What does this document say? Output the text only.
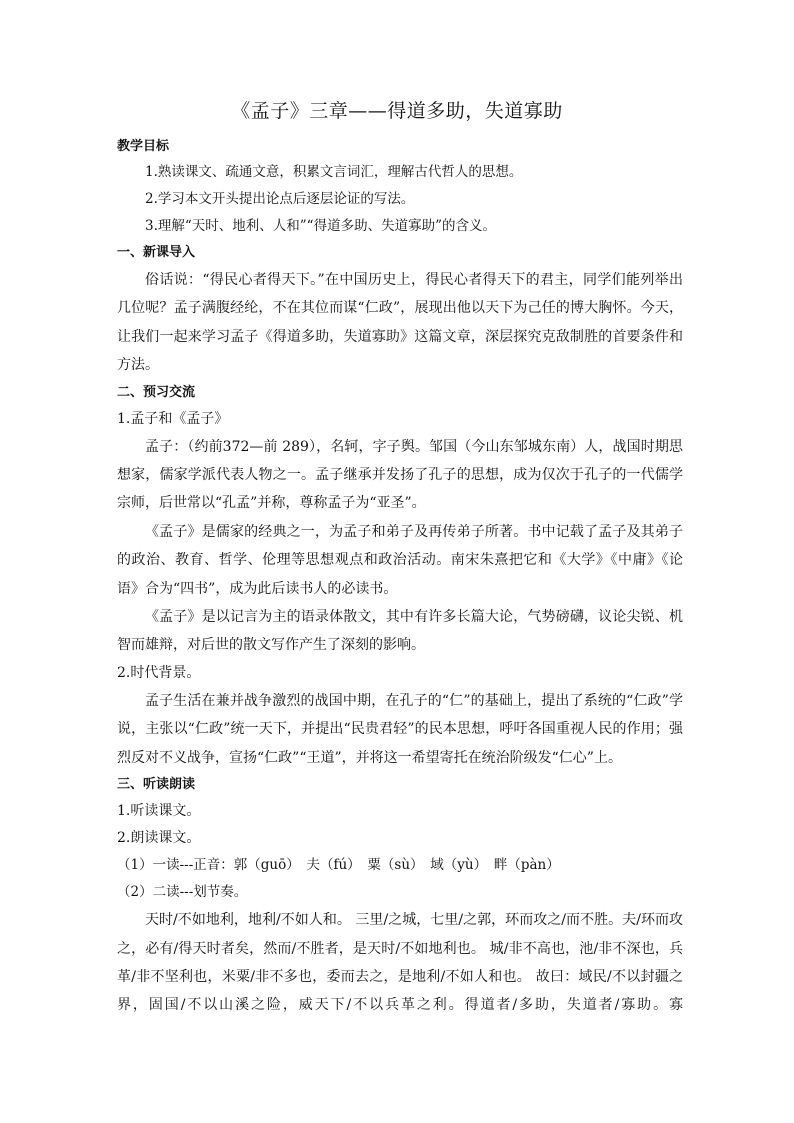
《孟子》三章——得道多助，失道寡助

教学目标

1.熟读课文、疏通文意，积累文言词汇，理解古代哲人的思想。

2.学习本文开头提出论点后逐层论证的写法。

3.理解“天时、地利、人和”“得道多助、失道寡助”的含义。

一、新课导入

俗话说：“得民心者得天下。”在中国历史上，得民心者得天下的君主，同学们能列举出几位呢？孟子满腹经纶，不在其位而谋“仁政”，展现出他以天下为己任的博大胸怀。今天，让我们一起来学习孟子《得道多助，失道寡助》这篇文章，深层探究克敌制胜的首要条件和方法。

二、预习交流

1.孟子和《孟子》

孟子：（约前372—前 289），名轲，字子舆。邹国（今山东邹城东南）人，战国时期思想家，儒家学派代表人物之一。孟子继承并发扬了孔子的思想，成为仅次于孔子的一代儒学宗师，后世常以“孔孟”并称，尊称孟子为“亚圣”。

《孟子》是儒家的经典之一，为孟子和弟子及再传弟子所著。书中记载了孟子及其弟子的政治、教育、哲学、伦理等思想观点和政治活动。南宋朱熹把它和《大学》《中庸》《论语》合为“四书”，成为此后读书人的必读书。

《孟子》是以记言为主的语录体散文，其中有许多长篇大论，气势磅礴，议论尖锐、机智而雄辩，对后世的散文写作产生了深刻的影响。

2.时代背景。

孟子生活在兼并战争激烈的战国中期，在孔子的“仁”的基础上，提出了系统的“仁政”学说，主张以“仁政”统一天下，并提出“民贵君轻”的民本思想，呼吁各国重视人民的作用；强烈反对不义战争，宣扬“仁政”“王道”，并将这一希望寄托在统治阶级发“仁心”上。

三、听读朗读

1.听读课文。

2.朗读课文。

（1）一读---正音：郭（guō）　夫（fú）　粟（sù）　域（yù）　畔（pàn）

（2）二读---划节奏。

天时/不如地利，地利/不如人和。 三里/之城，七里/之郭，环而攻之/而不胜。夫/环而攻之，必有/得天时者矣，然而/不胜者，是天时/不如地利也。 城/非不高也，池/非不深也，兵革/非不坚利也，米粟/非不多也，委而去之，是地利/不如人和也。 故曰：域民/不以封疆之界，固国/不以山溪之险，威天下/不以兵革之利。得道者/多助，失道者/寡助。寡
